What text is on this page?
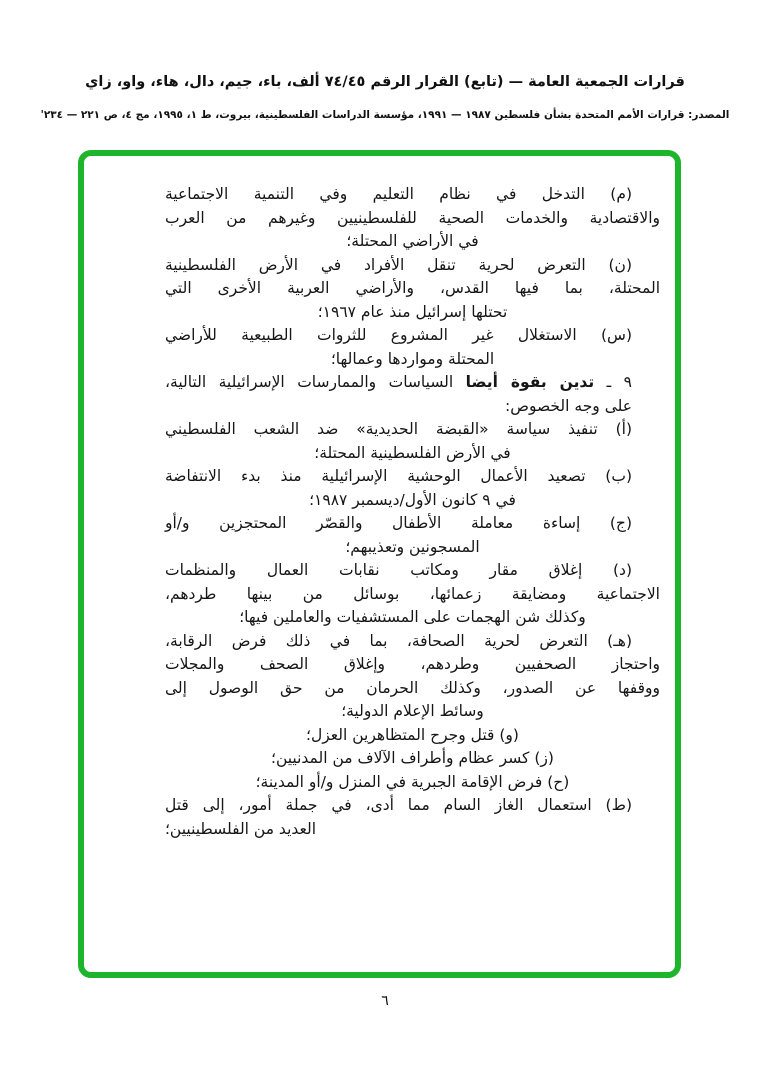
قرارات الجمعية العامة — (تابع) القرار الرقم ٧٤/٤٥ ألف، باء، جيم، دال، هاء، واو، زاي
المصدر: قرارات الأمم المتحدة بشأن فلسطين ١٩٨٧ — ١٩٩١، مؤسسة الدراسات الفلسطينية، بيروت، ط ١، ١٩٩٥، مج ٤، ص ٢٢١ — ٢٣٤'
(م) التدخل في نظام التعليم وفي التنمية الاجتماعية
والاقتصادية والخدمات الصحية للفلسطينيين وغيرهم من العرب
في الأراضي المحتلة؛
(ن) التعرض لحرية تنقل الأفراد في الأرض الفلسطينية
المحتلة، بما فيها القدس، والأراضي العربية الأخرى التي
تحتلها إسرائيل منذ عام ١٩٦٧؛
(س) الاستغلال غير المشروع للثروات الطبيعية للأراضي
المحتلة ومواردها وعمالها؛
٩ ـ تدين بقوة أيضا السياسات والممارسات الإسرائيلية التالية،
على وجه الخصوص:
(أ) تنفيذ سياسة «القبضة الحديدية» ضد الشعب الفلسطيني
في الأرض الفلسطينية المحتلة؛
(ب) تصعيد الأعمال الوحشية الإسرائيلية منذ بدء الانتفاضة
في ٩ كانون الأول/ديسمبر ١٩٨٧؛
(ج) إساءة معاملة الأطفال والقصّر المحتجزين و/أو
المسجونين وتعذيبهم؛
(د) إغلاق مقار ومكاتب نقابات العمال والمنظمات
الاجتماعية ومضايقة زعمائها، بوسائل من بينها طردهم،
وكذلك شن الهجمات على المستشفيات والعاملين فيها؛
(هـ) التعرض لحرية الصحافة، بما في ذلك فرض الرقابة،
واحتجاز الصحفيين وطردهم، وإغلاق الصحف والمجلات
ووقفها عن الصدور، وكذلك الحرمان من حق الوصول إلى
وسائط الإعلام الدولية؛
(و) قتل وجرح المتظاهرين العزل؛
(ز) كسر عظام وأطراف الآلاف من المدنيين؛
(ح) فرض الإقامة الجبرية في المنزل و/أو المدينة؛
(ط) استعمال الغاز السام مما أدى، في جملة أمور، إلى قتل
العديد من الفلسطينيين؛
٦
